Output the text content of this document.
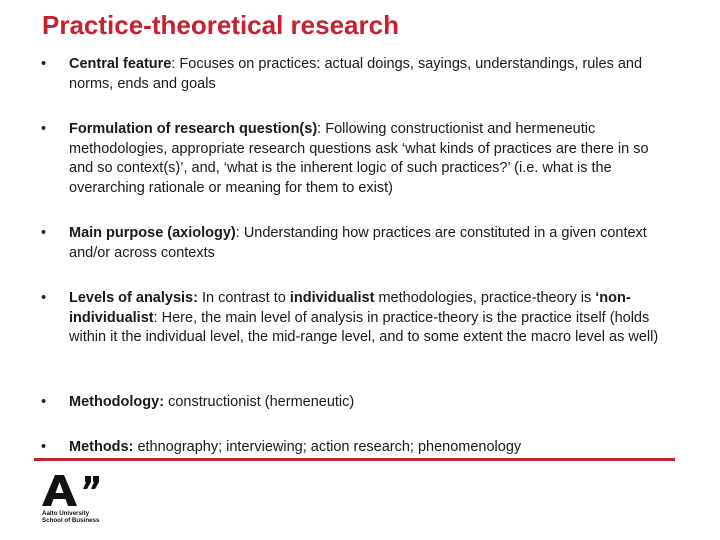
Practice-theoretical research
• Central feature: Focuses on practices: actual doings, sayings, understandings, rules and norms, ends and goals
• Formulation of research question(s): Following constructionist and hermeneutic methodologies, appropriate research questions ask ‘what kinds of practices are there in so and so context(s)’, and, ‘what is the inherent logic of such practices?’ (i.e. what is the overarching rationale or meaning for them to exist)
• Main purpose (axiology): Understanding how practices are constituted in a given context and/or across contexts
• Levels of analysis: In contrast to individualist methodologies, practice-theory is ‘non-individualist: Here, the main level of analysis in practice-theory is the practice itself (holds within it the individual level, the mid-range level, and to some extent the macro level as well)
• Methodology: constructionist (hermeneutic)
• Methods: ethnography; interviewing; action research; phenomenology
Aalto University
School of Business
